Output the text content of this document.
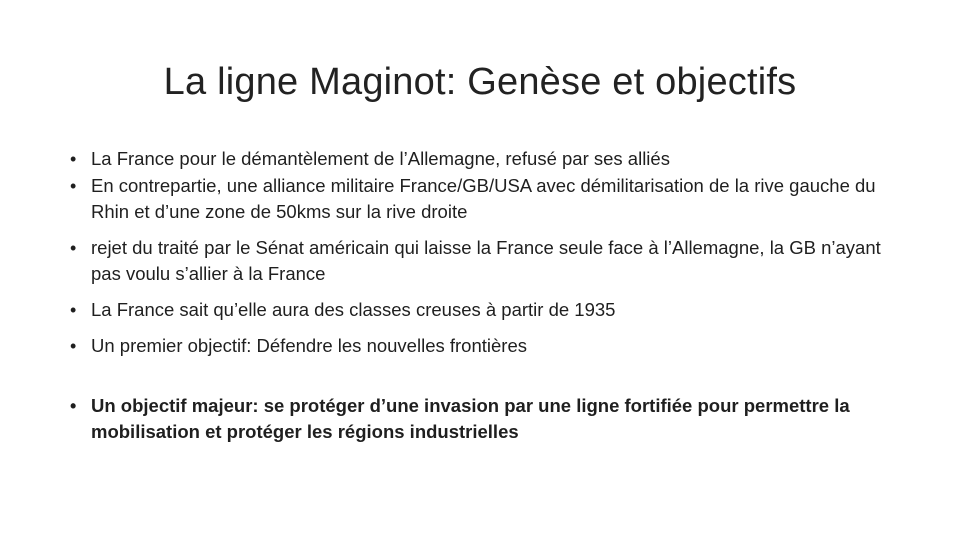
La ligne Maginot: Genèse et objectifs
• La France pour le démantèlement de l’Allemagne, refusé par ses alliés
• En contrepartie, une alliance militaire France/GB/USA avec démilitarisation de la rive gauche du Rhin et d’une zone de 50kms sur la rive droite
• rejet du traité par le Sénat américain qui laisse la France seule face à l’Allemagne, la GB n’ayant pas voulu s’allier à la France
• La France sait qu’elle aura des classes creuses à partir de 1935
• Un premier objectif: Défendre les nouvelles frontières
• Un objectif majeur: se protéger d’une invasion par une ligne fortifiée pour permettre la mobilisation et protéger les régions industrielles
